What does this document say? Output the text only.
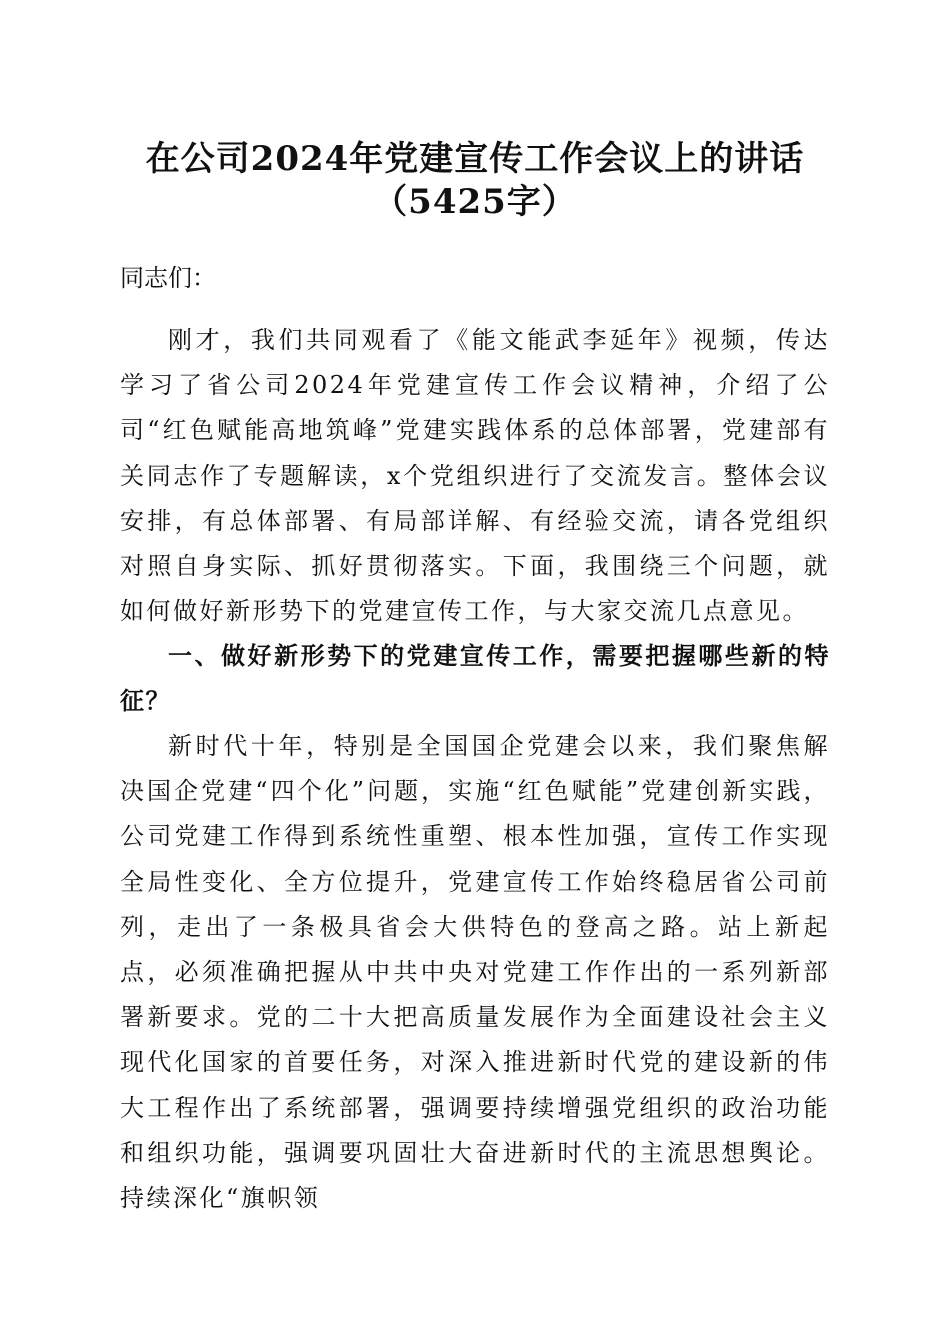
在公司2024年党建宣传工作会议上的讲话
（5425字）

同志们：

刚才，我们共同观看了《能文能武李延年》视频，传达学习了省公司2024年党建宣传工作会议精神，介绍了公司“红色赋能高地筑峰”党建实践体系的总体部署，党建部有关同志作了专题解读，x个党组织进行了交流发言。整体会议安排，有总体部署、有局部详解、有经验交流，请各党组织对照自身实际、抓好贯彻落实。下面，我围绕三个问题，就如何做好新形势下的党建宣传工作，与大家交流几点意见。

一、做好新形势下的党建宣传工作，需要把握哪些新的特征？

新时代十年，特别是全国国企党建会以来，我们聚焦解决国企党建“四个化”问题，实施“红色赋能”党建创新实践，公司党建工作得到系统性重塑、根本性加强，宣传工作实现全局性变化、全方位提升，党建宣传工作始终稳居省公司前列，走出了一条极具省会大供特色的登高之路。站上新起点，必须准确把握从中共中央对党建工作作出的一系列新部署新要求。党的二十大把高质量发展作为全面建设社会主义现代化国家的首要任务，对深入推进新时代党的建设新的伟大工程作出了系统部署，强调要持续增强党组织的政治功能和组织功能，强调要巩固壮大奋进新时代的主流思想舆论。持续深化“旗帜领
